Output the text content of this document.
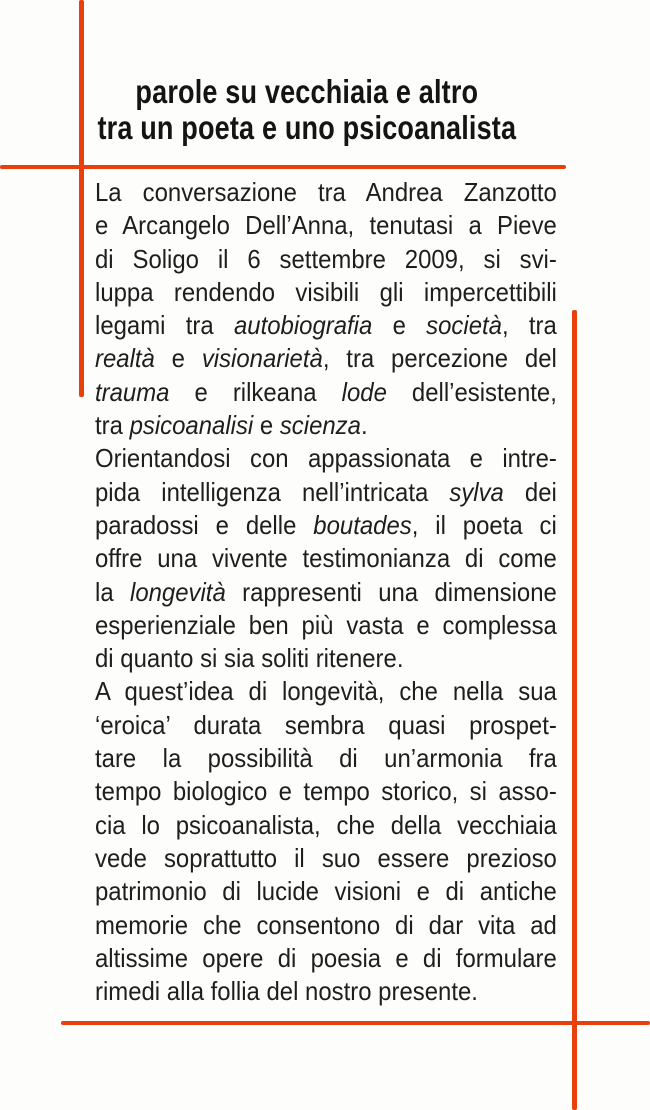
parole su vecchiaia e altro
tra un poeta e uno psicoanalista
La conversazione tra Andrea Zanzotto
e Arcangelo Dell’Anna, tenutasi a Pieve
di Soligo il 6 settembre 2009, si svi-
luppa rendendo visibili gli impercettibili
legami tra autobiografia e società, tra
realtà e visionarietà, tra percezione del
trauma e rilkeana lode dell’esistente,
tra psicoanalisi e scienza.
Orientandosi con appassionata e intre-
pida intelligenza nell’intricata sylva dei
paradossi e delle boutades, il poeta ci
offre una vivente testimonianza di come
la longevità rappresenti una dimensione
esperienziale ben più vasta e complessa
di quanto si sia soliti ritenere.
A quest’idea di longevità, che nella sua
‘eroica’ durata sembra quasi prospet-
tare la possibilità di un’armonia fra
tempo biologico e tempo storico, si asso-
cia lo psicoanalista, che della vecchiaia
vede soprattutto il suo essere prezioso
patrimonio di lucide visioni e di antiche
memorie che consentono di dar vita ad
altissime opere di poesia e di formulare
rimedi alla follia del nostro presente.
